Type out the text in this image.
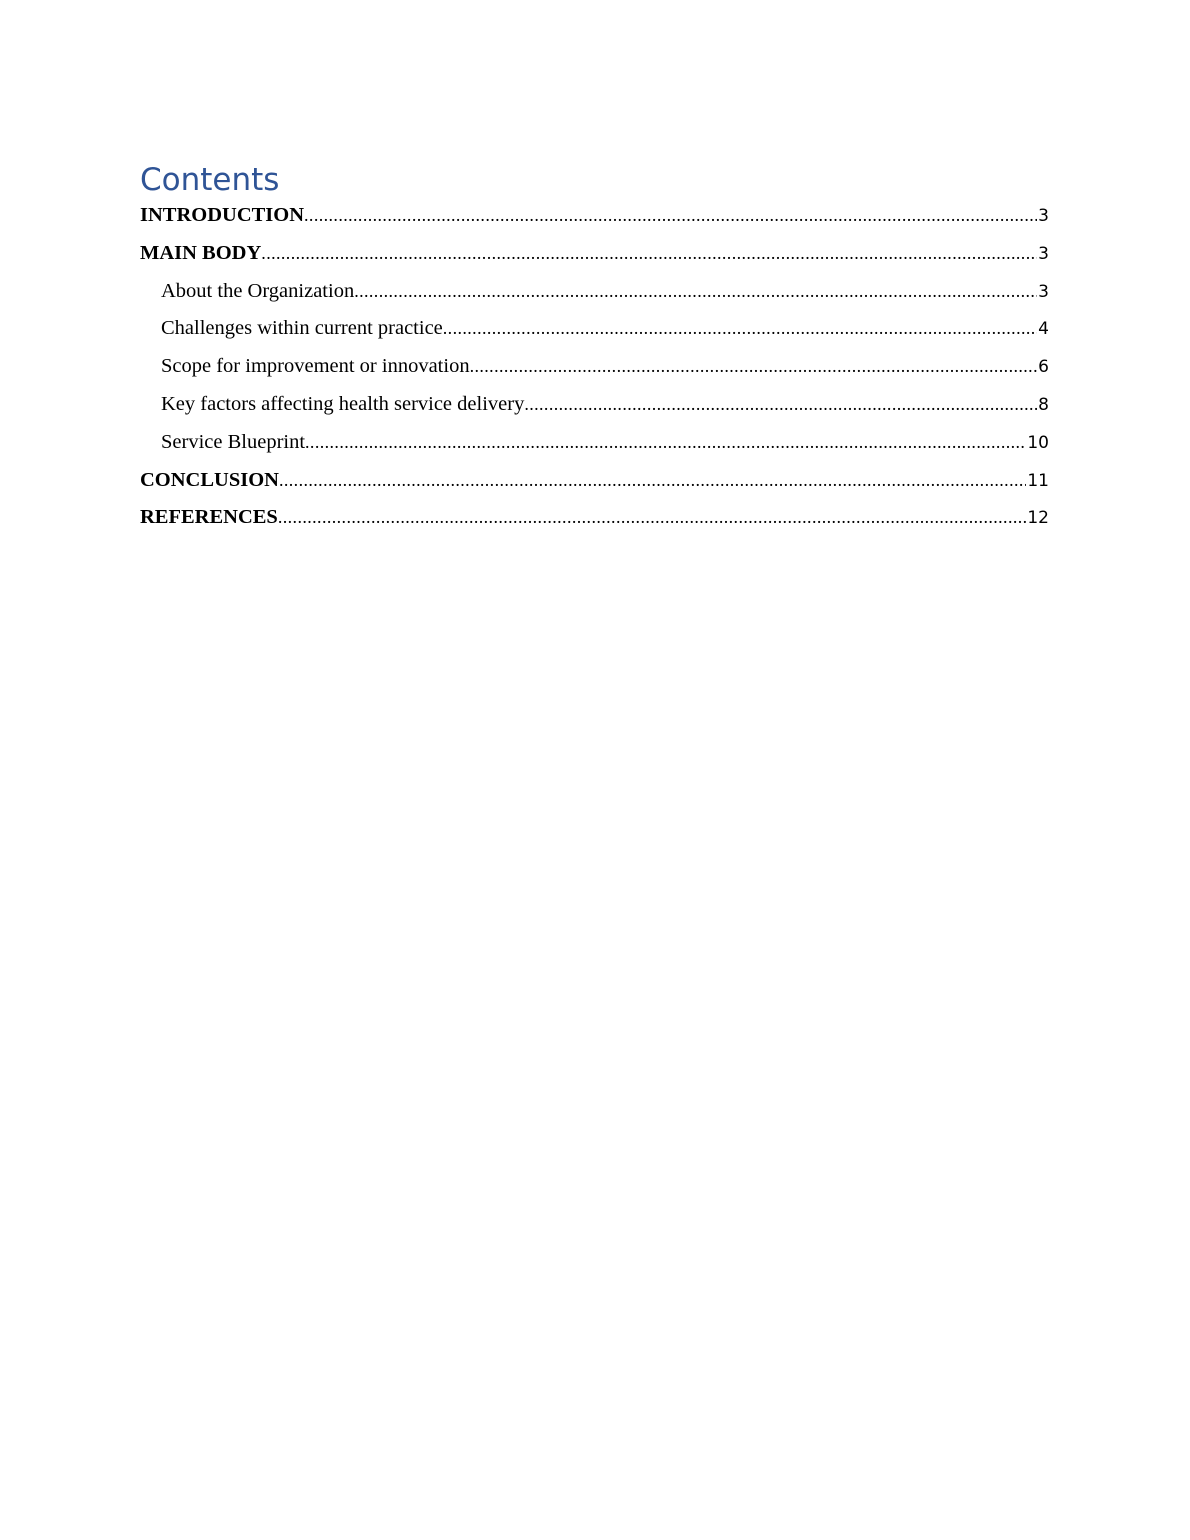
Contents
INTRODUCTION .....	3
MAIN BODY .....	3
About the Organization .....	3
Challenges within current practice .....	4
Scope for improvement or innovation .....	6
Key factors affecting health service delivery .....	8
Service Blueprint .....	10
CONCLUSION .....	11
REFERENCES .....	12
